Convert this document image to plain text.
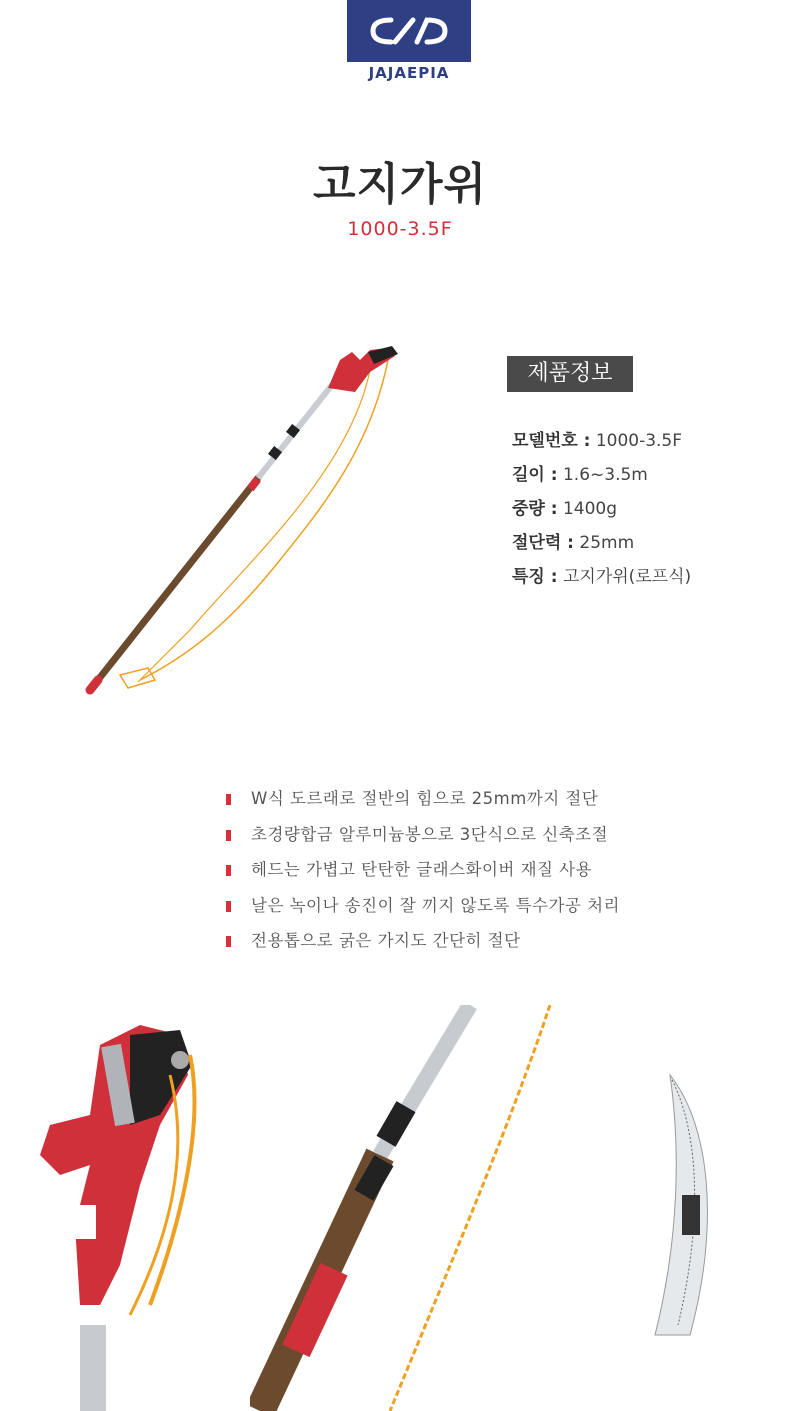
JAJAEPIA
고지가위
1000-3.5F
제품정보
모델번호 : 1000-3.5F
길이 : 1.6~3.5m
중량 : 1400g
절단력 : 25mm
특징 : 고지가위(로프식)
W식 도르래로 절반의 힘으로 25mm까지 절단
초경량합금 알루미늄봉으로 3단식으로 신축조절
헤드는 가볍고 탄탄한 글래스화이버 재질 사용
날은 녹이나 송진이 잘 끼지 않도록 특수가공 처리
전용톱으로 굵은 가지도 간단히 절단
